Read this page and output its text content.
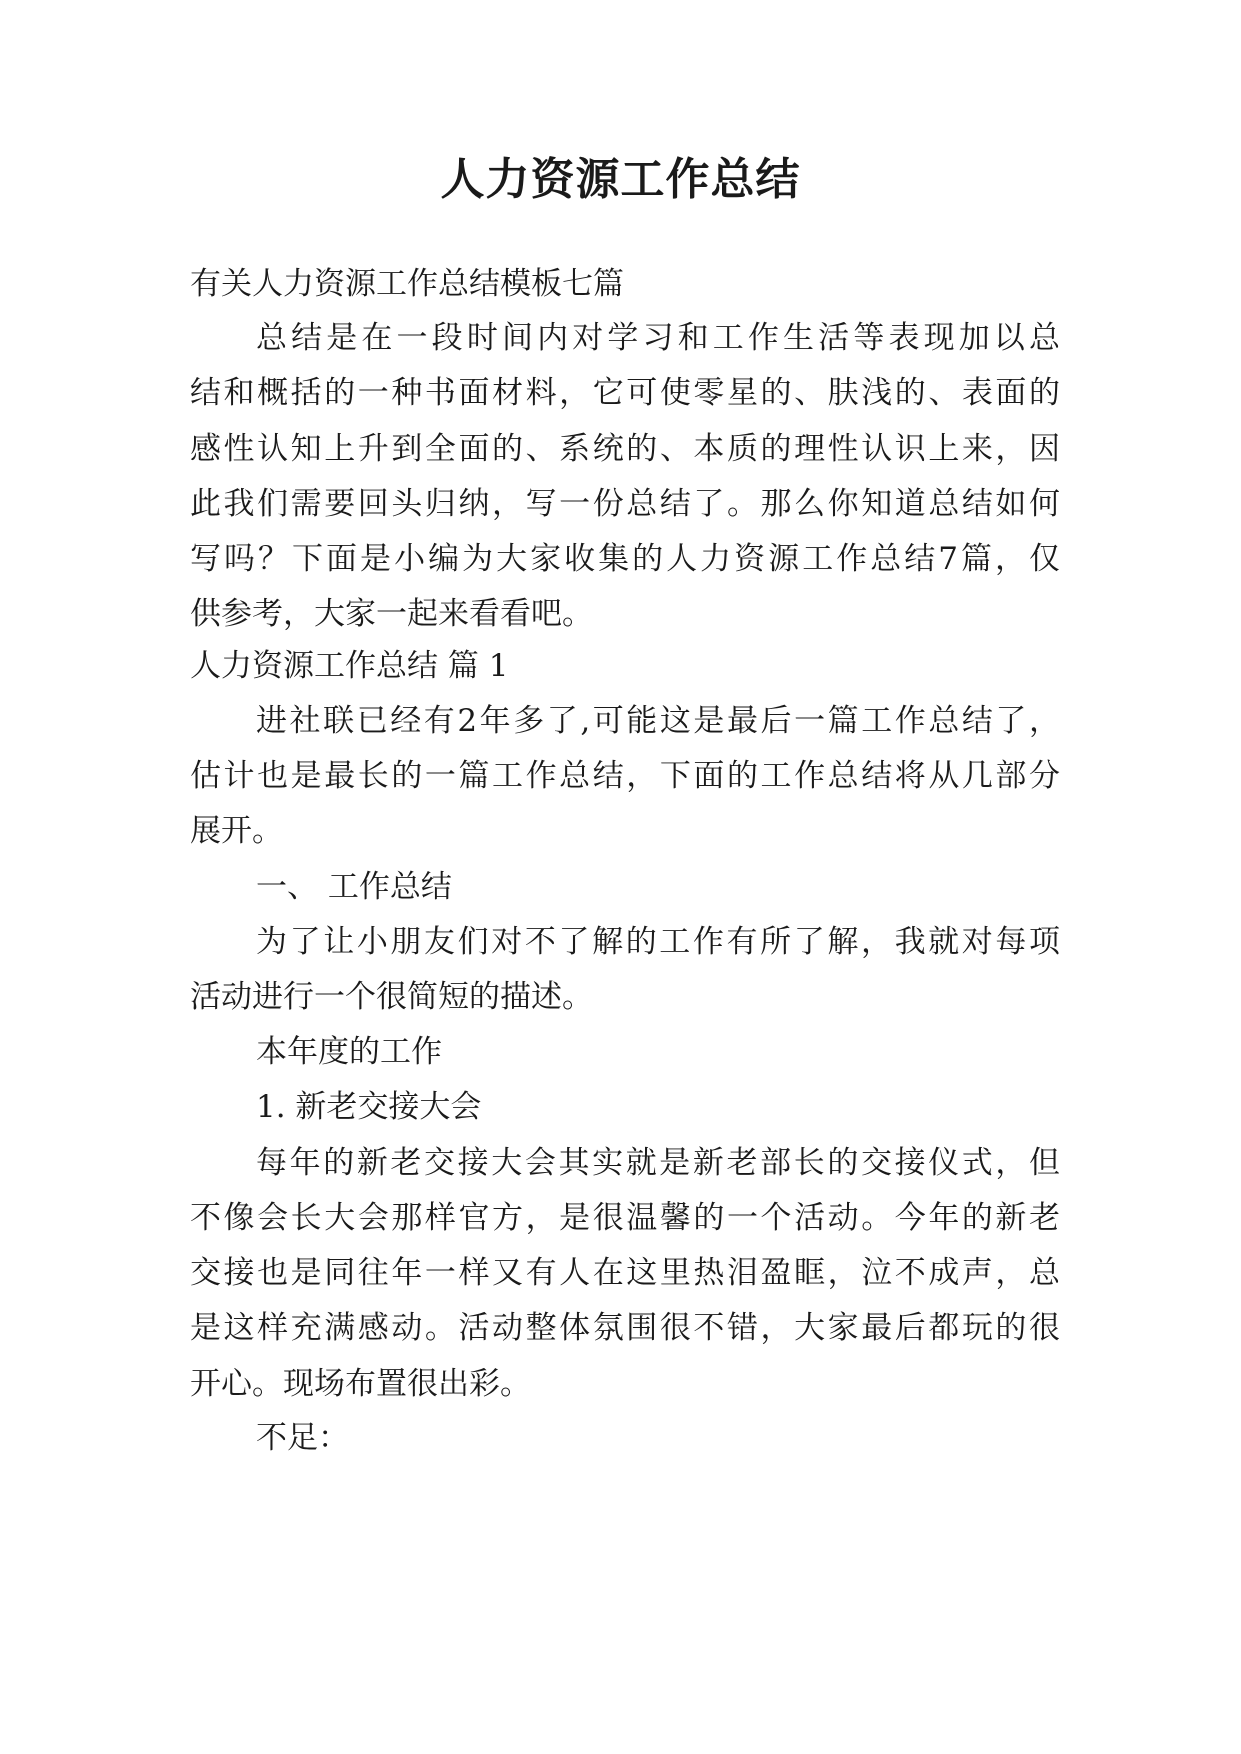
人力资源工作总结
有关人力资源工作总结模板七篇
总结是在一段时间内对学习和工作生活等表现加以总
结和概括的一种书面材料，它可使零星的、肤浅的、表面的
感性认知上升到全面的、系统的、本质的理性认识上来，因
此我们需要回头归纳，写一份总结了。那么你知道总结如何
写吗？下面是小编为大家收集的人力资源工作总结7篇，仅
供参考，大家一起来看看吧。
人力资源工作总结 篇 1
进社联已经有2年多了,可能这是最后一篇工作总结了，
估计也是最长的一篇工作总结，下面的工作总结将从几部分
展开。
一、 工作总结
为了让小朋友们对不了解的工作有所了解，我就对每项
活动进行一个很简短的描述。
本年度的工作
1. 新老交接大会
每年的新老交接大会其实就是新老部长的交接仪式，但
不像会长大会那样官方，是很温馨的一个活动。今年的新老
交接也是同往年一样又有人在这里热泪盈眶，泣不成声，总
是这样充满感动。活动整体氛围很不错，大家最后都玩的很
开心。现场布置很出彩。
不足：
